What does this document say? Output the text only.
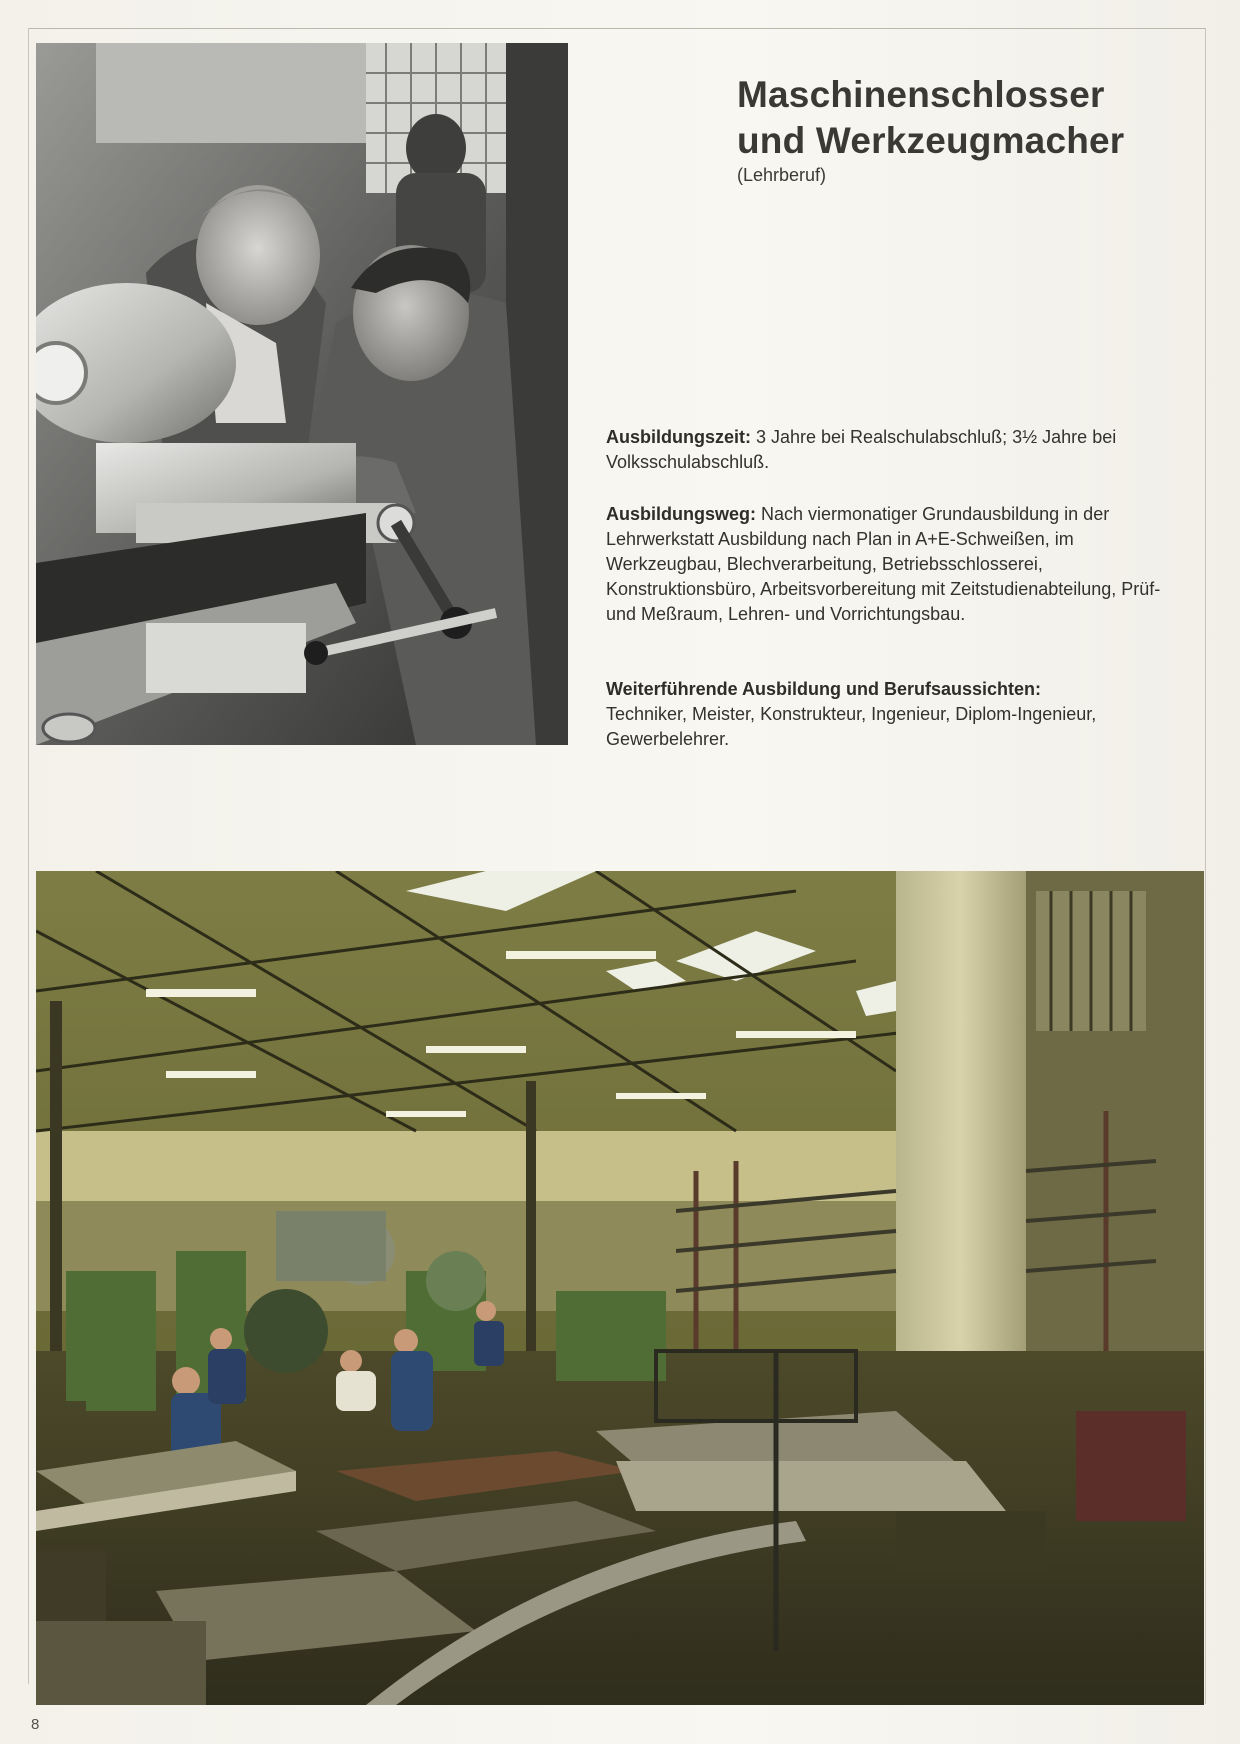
Maschinenschlosser
und Werkzeugmacher
(Lehrberuf)
Ausbildungszeit: 3 Jahre bei Realschulabschluß; 3½ Jahre bei Volksschulabschluß.
Ausbildungsweg: Nach viermonatiger Grundausbildung in der Lehrwerkstatt Ausbildung nach Plan in A+E-Schweißen, im Werkzeugbau, Blechverarbeitung, Betriebsschlosserei, Konstruktionsbüro, Arbeitsvorbereitung mit Zeitstudienabteilung, Prüf- und Meßraum, Lehren- und Vorrichtungsbau.
Weiterführende Ausbildung und Berufsaussichten:
Techniker, Meister, Konstrukteur, Ingenieur, Diplom-Ingenieur, Gewerbelehrer.
8
